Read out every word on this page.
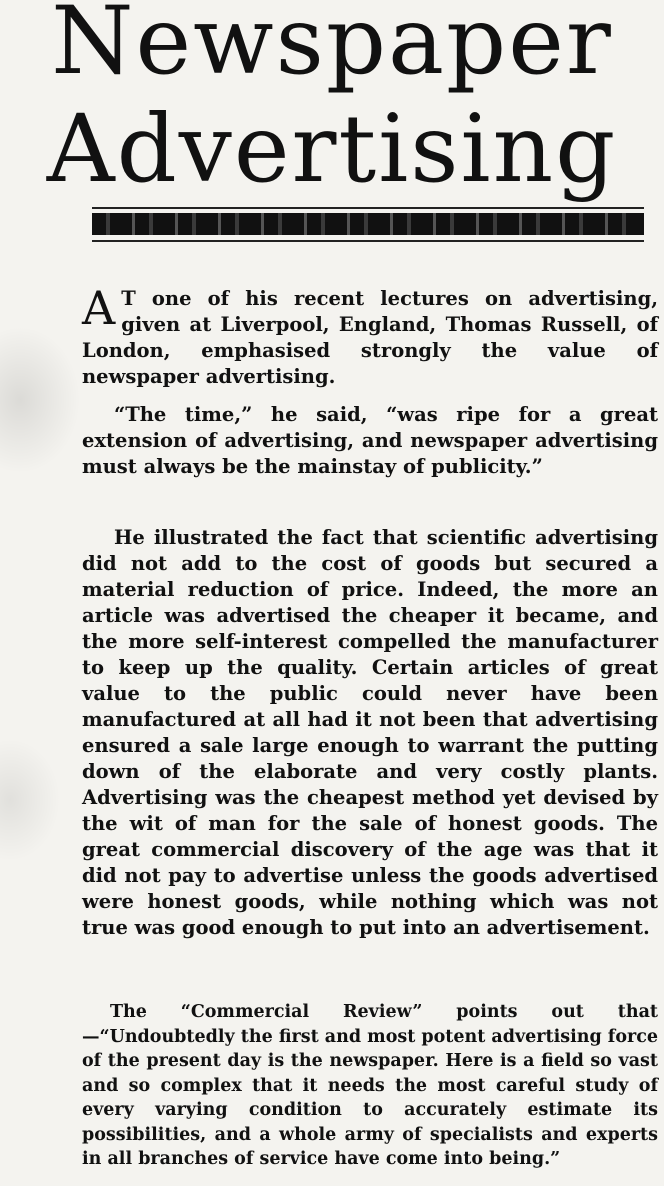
Newspaper
Advertising
A T one of his recent lectures on advertising, given at Liverpool, England, Thomas Russell, of London, emphasised strongly the value of newspaper advertising.

“The time,” he said, “was ripe for a great extension of advertising, and newspaper advertising must always be the mainstay of publicity.”

He illustrated the fact that scientific advertising did not add to the cost of goods but secured a material reduction of price. Indeed, the more an article was advertised the cheaper it became, and the more self-interest compelled the manufacturer to keep up the quality. Certain articles of great value to the public could never have been manufactured at all had it not been that advertising ensured a sale large enough to warrant the putting down of the elaborate and very costly plants. Advertising was the cheapest method yet devised by the wit of man for the sale of honest goods. The great commercial discovery of the age was that it did not pay to advertise unless the goods advertised were honest goods, while nothing which was not true was good enough to put into an advertisement.

The “Commercial Review” points out that—“Undoubtedly the first and most potent advertising force of the present day is the newspaper. Here is a field so vast and so complex that it needs the most careful study of every varying condition to accurately estimate its possibilities, and a whole army of specialists and experts in all branches of service have come into being.”
